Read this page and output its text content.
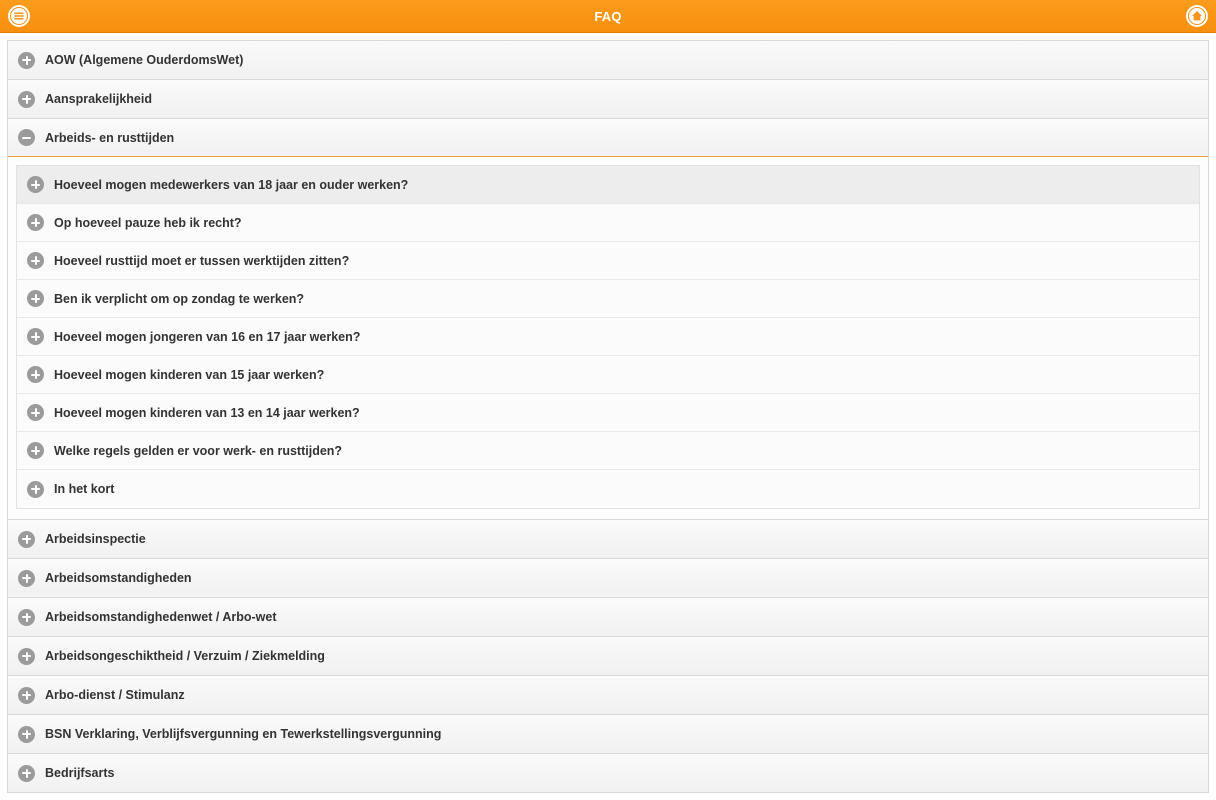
FAQ
AOW (Algemene OuderdomsWet)
Aansprakelijkheid
Arbeids- en rusttijden
Hoeveel mogen medewerkers van 18 jaar en ouder werken?
Op hoeveel pauze heb ik recht?
Hoeveel rusttijd moet er tussen werktijden zitten?
Ben ik verplicht om op zondag te werken?
Hoeveel mogen jongeren van 16 en 17 jaar werken?
Hoeveel mogen kinderen van 15 jaar werken?
Hoeveel mogen kinderen van 13 en 14 jaar werken?
Welke regels gelden er voor werk- en rusttijden?
In het kort
Arbeidsinspectie
Arbeidsomstandigheden
Arbeidsomstandighedenwet / Arbo-wet
Arbeidsongeschiktheid / Verzuim / Ziekmelding
Arbo-dienst / Stimulanz
BSN Verklaring, Verblijfsvergunning en Tewerkstellingsvergunning
Bedrijfsarts
